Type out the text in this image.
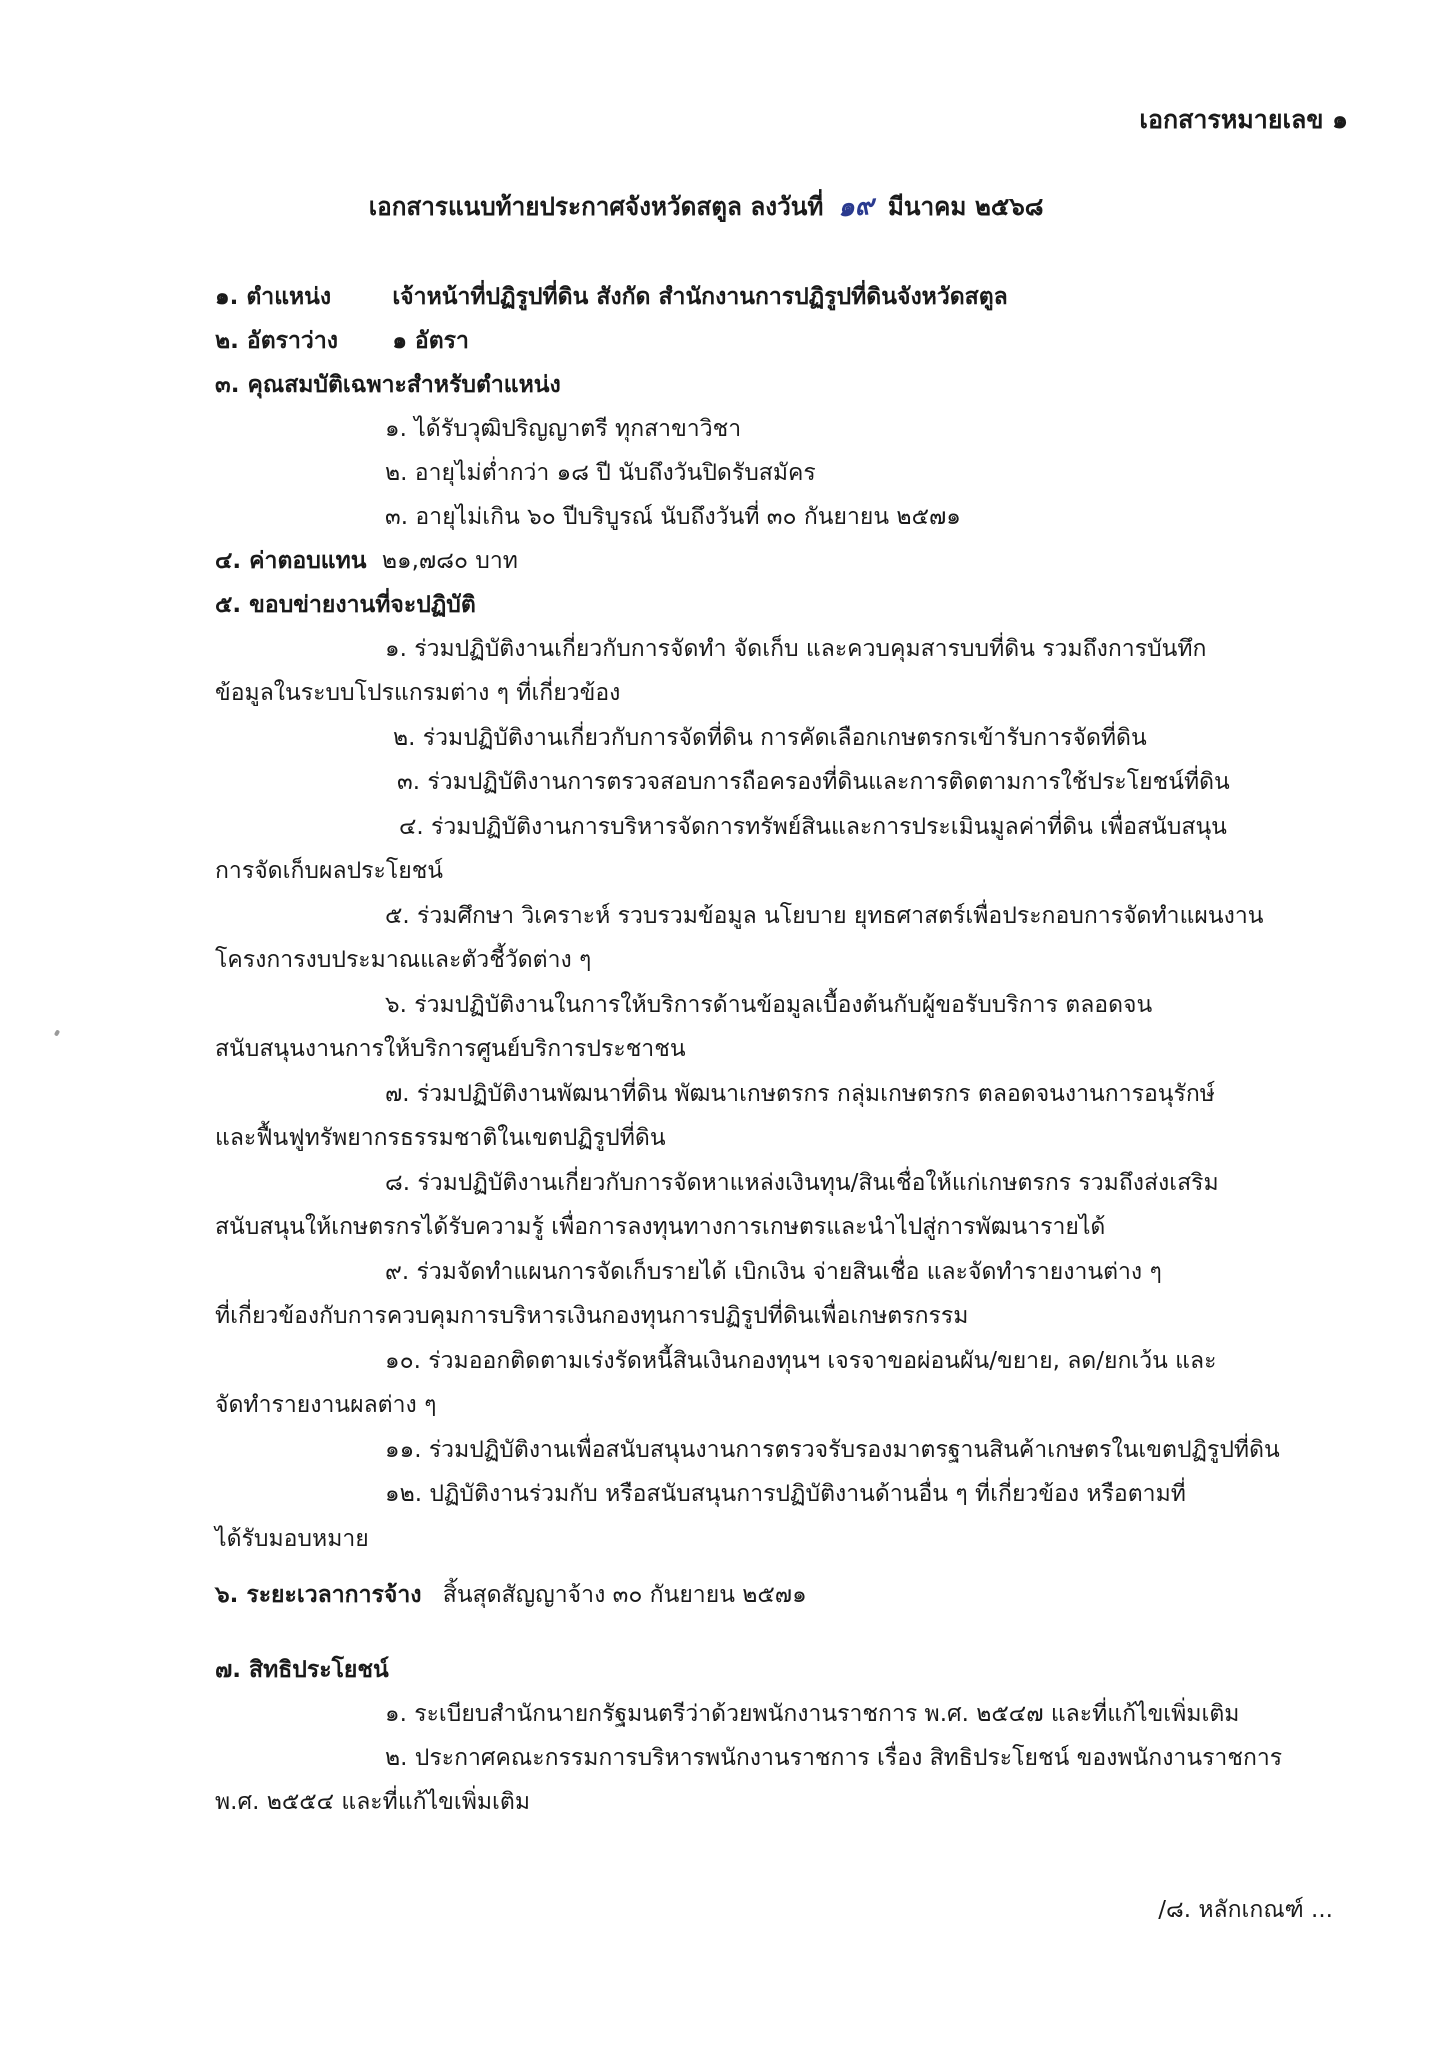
เอกสารหมายเลข ๑
เอกสารแนบท้ายประกาศจังหวัดสตูล ลงวันที่ ๑๙ มีนาคม ๒๕๖๘
๑. ตำแหน่ง	เจ้าหน้าที่ปฏิรูปที่ดิน สังกัด สำนักงานการปฏิรูปที่ดินจังหวัดสตูล
๒. อัตราว่าง ๑ อัตรา
๓. คุณสมบัติเฉพาะสำหรับตำแหน่ง
๑. ได้รับวุฒิปริญญาตรี ทุกสาขาวิชา
๒. อายุไม่ต่ำกว่า ๑๘ ปี นับถึงวันปิดรับสมัคร
๓. อายุไม่เกิน ๖๐ ปีบริบูรณ์ นับถึงวันที่ ๓๐ กันยายน ๒๕๗๑
๔. ค่าตอบแทน ๒๑,๗๘๐ บาท
๕. ขอบข่ายงานที่จะปฏิบัติ
๑. ร่วมปฏิบัติงานเกี่ยวกับการจัดทำ จัดเก็บ และควบคุมสารบบที่ดิน รวมถึงการบันทึก
ข้อมูลในระบบโปรแกรมต่าง ๆ ที่เกี่ยวข้อง
๒. ร่วมปฏิบัติงานเกี่ยวกับการจัดที่ดิน การคัดเลือกเกษตรกรเข้ารับการจัดที่ดิน
๓. ร่วมปฏิบัติงานการตรวจสอบการถือครองที่ดินและการติดตามการใช้ประโยชน์ที่ดิน
๔. ร่วมปฏิบัติงานการบริหารจัดการทรัพย์สินและการประเมินมูลค่าที่ดิน เพื่อสนับสนุน
การจัดเก็บผลประโยชน์
๕. ร่วมศึกษา วิเคราะห์ รวบรวมข้อมูล นโยบาย ยุทธศาสตร์เพื่อประกอบการจัดทำแผนงาน
โครงการงบประมาณและตัวชี้วัดต่าง ๆ
๖. ร่วมปฏิบัติงานในการให้บริการด้านข้อมูลเบื้องต้นกับผู้ขอรับบริการ ตลอดจน
สนับสนุนงานการให้บริการศูนย์บริการประชาชน
๗. ร่วมปฏิบัติงานพัฒนาที่ดิน พัฒนาเกษตรกร กลุ่มเกษตรกร ตลอดจนงานการอนุรักษ์
และฟื้นฟูทรัพยากรธรรมชาติในเขตปฏิรูปที่ดิน
๘. ร่วมปฏิบัติงานเกี่ยวกับการจัดหาแหล่งเงินทุน/สินเชื่อให้แก่เกษตรกร รวมถึงส่งเสริม
สนับสนุนให้เกษตรกรได้รับความรู้ เพื่อการลงทุนทางการเกษตรและนำไปสู่การพัฒนารายได้
๙. ร่วมจัดทำแผนการจัดเก็บรายได้ เบิกเงิน จ่ายสินเชื่อ และจัดทำรายงานต่าง ๆ
ที่เกี่ยวข้องกับการควบคุมการบริหารเงินกองทุนการปฏิรูปที่ดินเพื่อเกษตรกรรม
๑๐. ร่วมออกติดตามเร่งรัดหนี้สินเงินกองทุนฯ เจรจาขอผ่อนผัน/ขยาย, ลด/ยกเว้น และ
จัดทำรายงานผลต่าง ๆ
๑๑. ร่วมปฏิบัติงานเพื่อสนับสนุนงานการตรวจรับรองมาตรฐานสินค้าเกษตรในเขตปฏิรูปที่ดิน
๑๒. ปฏิบัติงานร่วมกับ หรือสนับสนุนการปฏิบัติงานด้านอื่น ๆ ที่เกี่ยวข้อง หรือตามที่
ได้รับมอบหมาย
๖. ระยะเวลาการจ้าง สิ้นสุดสัญญาจ้าง ๓๐ กันยายน ๒๕๗๑
๗. สิทธิประโยชน์
๑. ระเบียบสำนักนายกรัฐมนตรีว่าด้วยพนักงานราชการ พ.ศ. ๒๕๔๗ และที่แก้ไขเพิ่มเติม
๒. ประกาศคณะกรรมการบริหารพนักงานราชการ เรื่อง สิทธิประโยชน์ ของพนักงานราชการ
พ.ศ. ๒๕๕๔ และที่แก้ไขเพิ่มเติม
/๘. หลักเกณฑ์ ...
